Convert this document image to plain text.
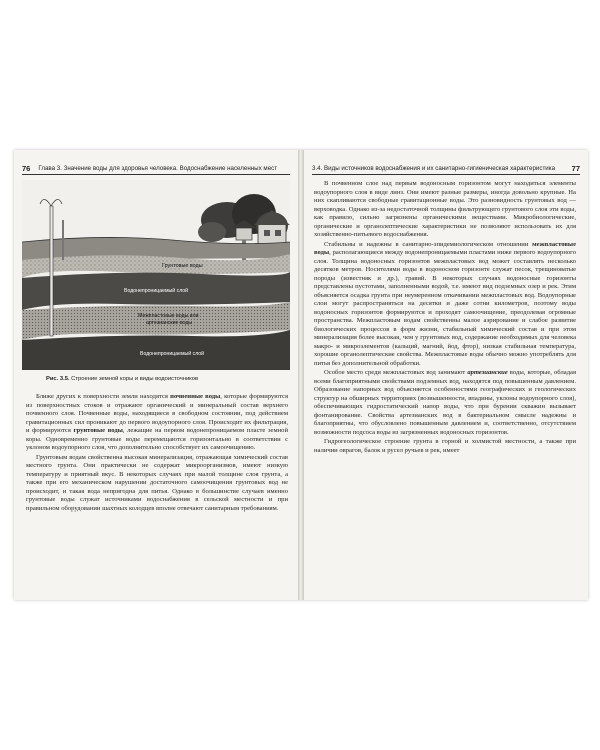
76 Глава 3. Значение воды для здоровья человека. Водоснабжение населенных мест
Грунтовые воды
Водонепроницаемый слой
Межпластовые воды или
артезианские воды
Водонепроницаемый слой
Рис. 3.5. Строение земной коры и виды водоисточников

Ближе других к поверхности земли находятся почвенные воды, которые формируются из поверхностных стоков и отражают органический и минеральный состав верхнего почвенного слоя. Почвенные воды, находящиеся в свободном состоянии, под действием гравитационных сил проникают до первого водоупорного слоя. Происходит их фильтрация, и формируются грунтовые воды, лежащие на первом водонепроницаемом пласте земной коры. Одновременно грунтовые воды перемещаются горизонтально в соответствии с уклоном водоупорного слоя, что дополнительно способствует их самоочищению.

Грунтовым водам свойственна высокая минерализация, отражающая химический состав местного грунта. Они практически не содержат микроорганизмов, имеют низкую температуру и приятный вкус. В некоторых случаях при малой толщине слоя грунта, а также при его механическом нарушении достаточного самоочищения грунтовых вод не происходит, и такая вода непригодна для питья. Однако в большинстве случаев именно грунтовые воды служат источниками водоснабжения в сельской местности и при правильном оборудовании шахтных колодцев вполне отвечают санитарным требованиям.

3.4. Виды источников водоснабжения и их санитарно-гигиеническая характеристика 77

В почвенном слое над первым водоносным горизонтом могут находиться элементы водоупорного слоя в виде линз. Они имеют разные размеры, иногда довольно крупные. На них скапливаются свободные гравитационные воды. Это разновидность грунтовых вод — верховодка. Однако из-за недостаточной толщины фильтрующего грунтового слоя эти воды, как правило, сильно загрязнены органическими веществами. Микробиологические, органические и органолептические характеристики не позволяют использовать их для хозяйственно-питьевого водоснабжения.

Стабильны и надежны в санитарно-эпидемиологическом отношении межпластовые воды, располагающиеся между водонепроницаемыми пластами ниже первого водоупорного слоя. Толщина водоносных горизонтов межпластовых вод может составлять несколько десятков метров. Носителями воды в водоносном горизонте служат песок, трещиноватые породы (известняк и др.), гравий. В некоторых случаях водоносные горизонты представлены пустотами, заполненными водой, т.е. имеют вид подземных озер и рек. Этим объясняется осадка грунта при неумеренном откачивании межпластовых вод. Водоупорные слои могут распространяться на десятки и даже сотни километров, поэтому воды водоносных горизонтов формируются и проходят самоочищение, преодолевая огромные пространства. Межпластовым водам свойственны малое аэрирование и слабое развитие биологических процессов в форм жизни, стабильный химический состав и при этом минерализация более высокая, чем у грунтовых вод, содержание необходимых для человека макро- и микроэлементов (кальций, магний, йод, фтор), низкая стабильная температура, хорошие органолептические свойства. Межпластовые воды обычно можно употреблять для питья без дополнительной обработки.

Особое место среди межпластовых вод занимают артезианские воды, которые, обладая всеми благоприятными свойствами подземных вод, находятся под повышенным давлением. Образование напорных вод объясняется особенностями географических и геологических структур на обширных территориях (возвышенности, впадины, уклоны водоупорного слоя), обеспечивающих гидростатический напор воды, что при бурении скважин вызывает фонтанирование. Свойства артезианских вод в бактериальном смысле надежны и благоприятны, что обусловлено повышенным давлением и, соответственно, отсутствием возможности подсоса воды из загрязненных водоносных горизонтов.

Гидрогеологическое строение грунта в горной и холмистой местности, а также при наличии оврагов, балок и русел ручьев и рек, имеет
